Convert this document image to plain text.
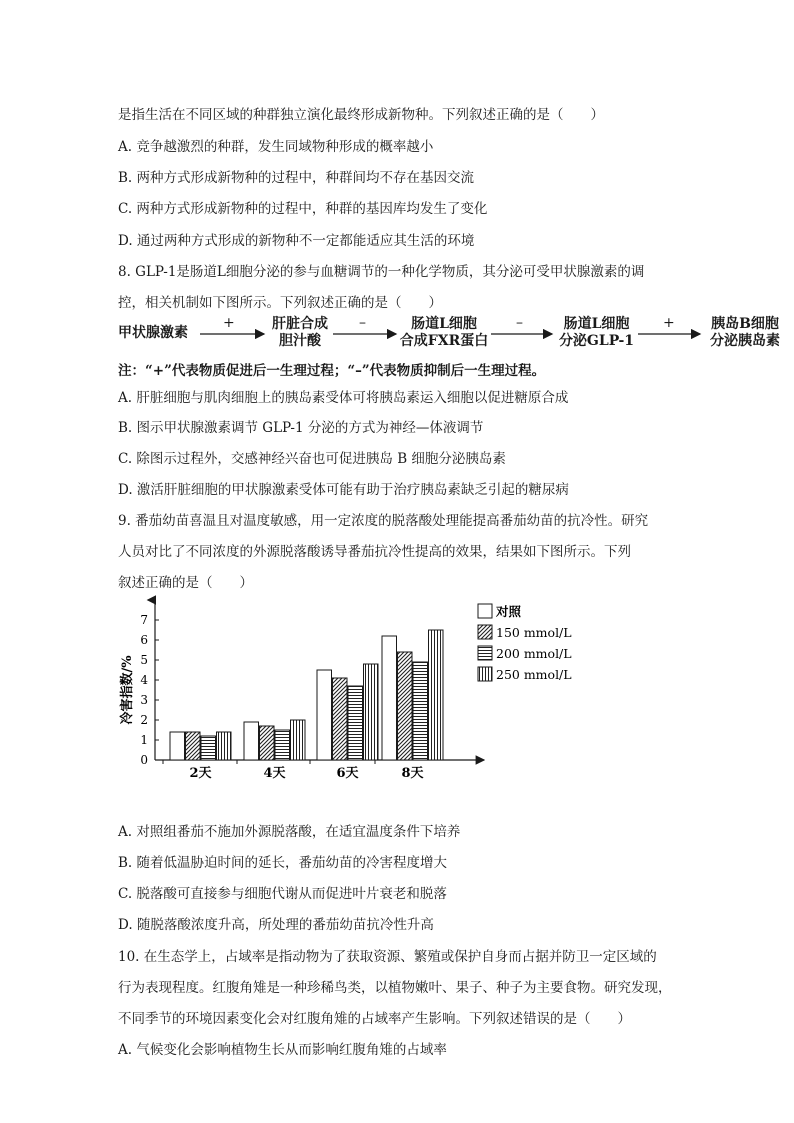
是指生活在不同区域的种群独立演化最终形成新物种。下列叙述正确的是（　　）
A. 竞争越激烈的种群，发生同域物种形成的概率越小
B. 两种方式形成新物种的过程中，种群间均不存在基因交流
C. 两种方式形成新物种的过程中，种群的基因库均发生了变化
D. 通过两种方式形成的新物种不一定都能适应其生活的环境
8. GLP-1是肠道L细胞分泌的参与血糖调节的一种化学物质，其分泌可受甲状腺激素的调
控，相关机制如下图所示。下列叙述正确的是（　　）
甲状腺激素
肝脏合成
胆汁酸
肠道L细胞
合成FXR蛋白
肠道L细胞
分泌GLP-1
胰岛B细胞
分泌胰岛素
+	–	–	+
注：“+”代表物质促进后一生理过程；“–”代表物质抑制后一生理过程。
A. 肝脏细胞与肌肉细胞上的胰岛素受体可将胰岛素运入细胞以促进糖原合成
B. 图示甲状腺激素调节 GLP-1 分泌的方式为神经—体液调节
C. 除图示过程外，交感神经兴奋也可促进胰岛 B 细胞分泌胰岛素
D. 激活肝脏细胞的甲状腺激素受体可能有助于治疗胰岛素缺乏引起的糖尿病
9. 番茄幼苗喜温且对温度敏感，用一定浓度的脱落酸处理能提高番茄幼苗的抗冷性。研究
人员对比了不同浓度的外源脱落酸诱导番茄抗冷性提高的效果，结果如下图所示。下列
叙述正确的是（　　）
0
1
2
3
4
5
6
7
冷害指数/%
2天	4天	6天	8天
对照
150 mmol/L
200 mmol/L
250 mmol/L
A. 对照组番茄不施加外源脱落酸，在适宜温度条件下培养
B. 随着低温胁迫时间的延长，番茄幼苗的冷害程度增大
C. 脱落酸可直接参与细胞代谢从而促进叶片衰老和脱落
D. 随脱落酸浓度升高，所处理的番茄幼苗抗冷性升高
10. 在生态学上，占域率是指动物为了获取资源、繁殖或保护自身而占据并防卫一定区域的
行为表现程度。红腹角雉是一种珍稀鸟类，以植物嫩叶、果子、种子为主要食物。研究发现，
不同季节的环境因素变化会对红腹角雉的占域率产生影响。下列叙述错误的是（　　）
A. 气候变化会影响植物生长从而影响红腹角雉的占域率
